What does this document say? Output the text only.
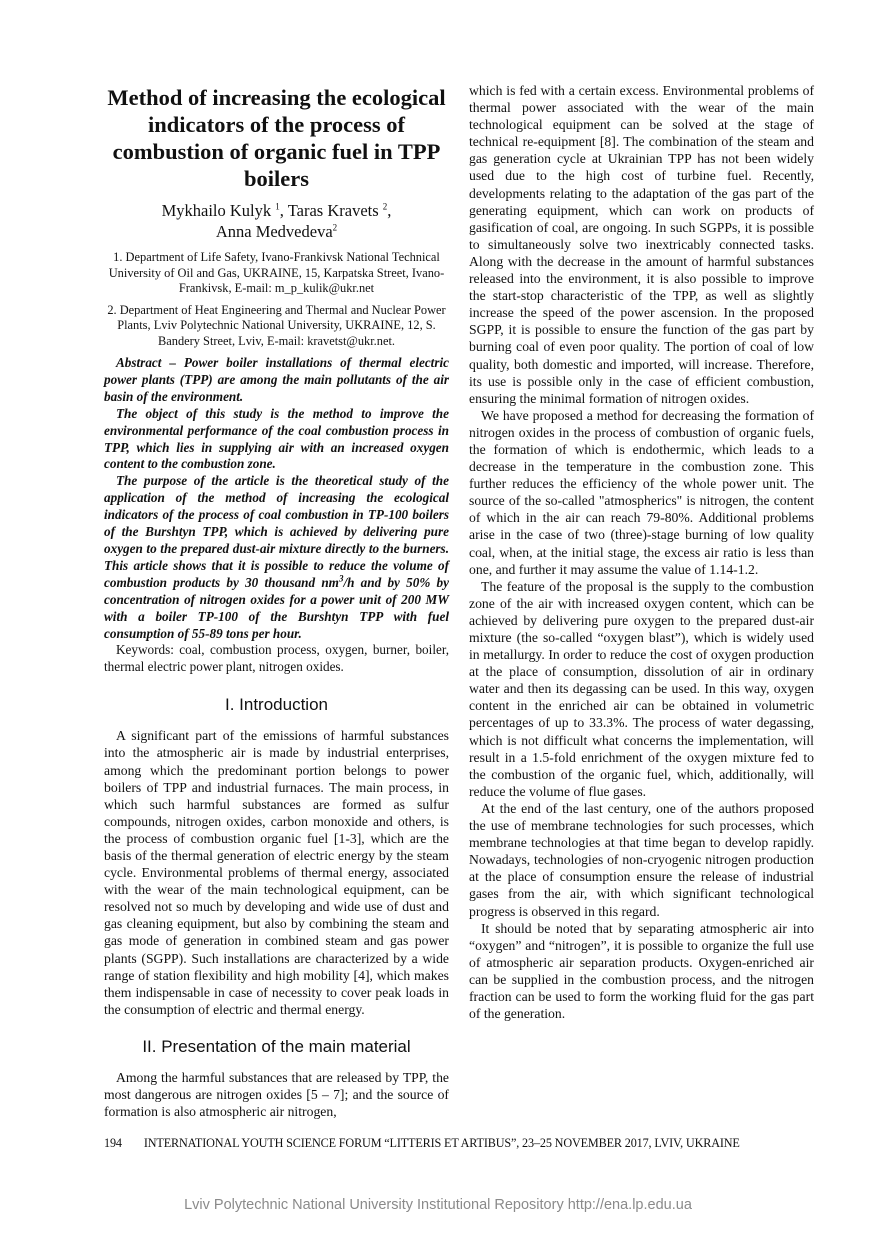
Method of increasing the ecological indicators of the process of combustion of organic fuel in TPP boilers
Mykhailo Kulyk $^1$, Taras Kravets $^2$,
Anna Medvedeva$^2$
1. Department of Life Safety, Ivano-Frankivsk National Technical University of Oil and Gas, UKRAINE, 15, Karpatska Street, Ivano-Frankivsk, E-mail: m_p_kulik@ukr.net
2. Department of Heat Engineering and Thermal and Nuclear Power Plants, Lviv Polytechnic National University, UKRAINE, 12, S. Bandery Street, Lviv, E-mail: kravetst@ukr.net.

Abstract – Power boiler installations of thermal electric power plants (TPP) are among the main pollutants of the air basin of the environment.

The object of this study is the method to improve the environmental performance of the coal combustion process in TPP, which lies in supplying air with an increased oxygen content to the combustion zone.

The purpose of the article is the theoretical study of the application of the method of increasing the ecological indicators of the process of coal combustion in TP-100 boilers of the Burshtyn TPP, which is achieved by delivering pure oxygen to the prepared dust-air mixture directly to the burners. This article shows that it is possible to reduce the volume of combustion products by 30 thousand $nm^3/h$ and by 50% by concentration of nitrogen oxides for a power unit of 200 MW with a boiler TP-100 of the Burshtyn TPP with fuel consumption of 55-89 tons per hour.

Keywords: coal, combustion process, oxygen, burner, boiler, thermal electric power plant, nitrogen oxides.

I. Introduction

A significant part of the emissions of harmful substances into the atmospheric air is made by industrial enterprises, among which the predominant portion belongs to power boilers of TPP and industrial furnaces. The main process, in which such harmful substances are formed as sulfur compounds, nitrogen oxides, carbon monoxide and others, is the process of combustion organic fuel [1-3], which are the basis of the thermal generation of electric energy by the steam cycle. Environmental problems of thermal energy, associated with the wear of the main technological equipment, can be resolved not so much by developing and wide use of dust and gas cleaning equipment, but also by combining the steam and gas mode of generation in combined steam and gas power plants (SGPP). Such installations are characterized by a wide range of station flexibility and high mobility [4], which makes them indispensable in case of necessity to cover peak loads in the consumption of electric and thermal energy.

II. Presentation of the main material

Among the harmful substances that are released by TPP, the most dangerous are nitrogen oxides [5 – 7]; and the source of formation is also atmospheric air nitrogen,

which is fed with a certain excess. Environmental problems of thermal power associated with the wear of the main technological equipment can be solved at the stage of technical re-equipment [8]. The combination of the steam and gas generation cycle at Ukrainian TPP has not been widely used due to the high cost of turbine fuel. Recently, developments relating to the adaptation of the gas part of the generating equipment, which can work on products of gasification of coal, are ongoing. In such SGPPs, it is possible to simultaneously solve two inextricably connected tasks. Along with the decrease in the amount of harmful substances released into the environment, it is also possible to improve the start-stop characteristic of the TPP, as well as slightly increase the speed of the power ascension. In the proposed SGPP, it is possible to ensure the function of the gas part by burning coal of even poor quality. The portion of coal of low quality, both domestic and imported, will increase. Therefore, its use is possible only in the case of efficient combustion, ensuring the minimal formation of nitrogen oxides.

We have proposed a method for decreasing the formation of nitrogen oxides in the process of combustion of organic fuels, the formation of which is endothermic, which leads to a decrease in the temperature in the combustion zone. This further reduces the efficiency of the whole power unit. The source of the so-called "atmospherics" is nitrogen, the content of which in the air can reach 79-80%. Additional problems arise in the case of two (three)-stage burning of low quality coal, when, at the initial stage, the excess air ratio is less than one, and further it may assume the value of 1.14-1.2.

The feature of the proposal is the supply to the combustion zone of the air with increased oxygen content, which can be achieved by delivering pure oxygen to the prepared dust-air mixture (the so-called “oxygen blast”), which is widely used in metallurgy. In order to reduce the cost of oxygen production at the place of consumption, dissolution of air in ordinary water and then its degassing can be used. In this way, oxygen content in the enriched air can be obtained in volumetric percentages of up to 33.3%. The process of water degassing, which is not difficult what concerns the implementation, will result in a 1.5-fold enrichment of the oxygen mixture fed to the combustion of the organic fuel, which, additionally, will reduce the volume of flue gases.

At the end of the last century, one of the authors proposed the use of membrane technologies for such processes, which membrane technologies at that time began to develop rapidly. Nowadays, technologies of non-cryogenic nitrogen production at the place of consumption ensure the release of industrial gases from the air, with which significant technological progress is observed in this regard.

It should be noted that by separating atmospheric air into “oxygen” and “nitrogen”, it is possible to organize the full use of atmospheric air separation products. Oxygen-enriched air can be supplied in the combustion process, and the nitrogen fraction can be used to form the working fluid for the gas part of the generation.

194 INTERNATIONAL YOUTH SCIENCE FORUM “LITTERIS ET ARTIBUS”, 23–25 NOVEMBER 2017, LVIV, UKRAINE
Lviv Polytechnic National University Institutional Repository http://ena.lp.edu.ua
